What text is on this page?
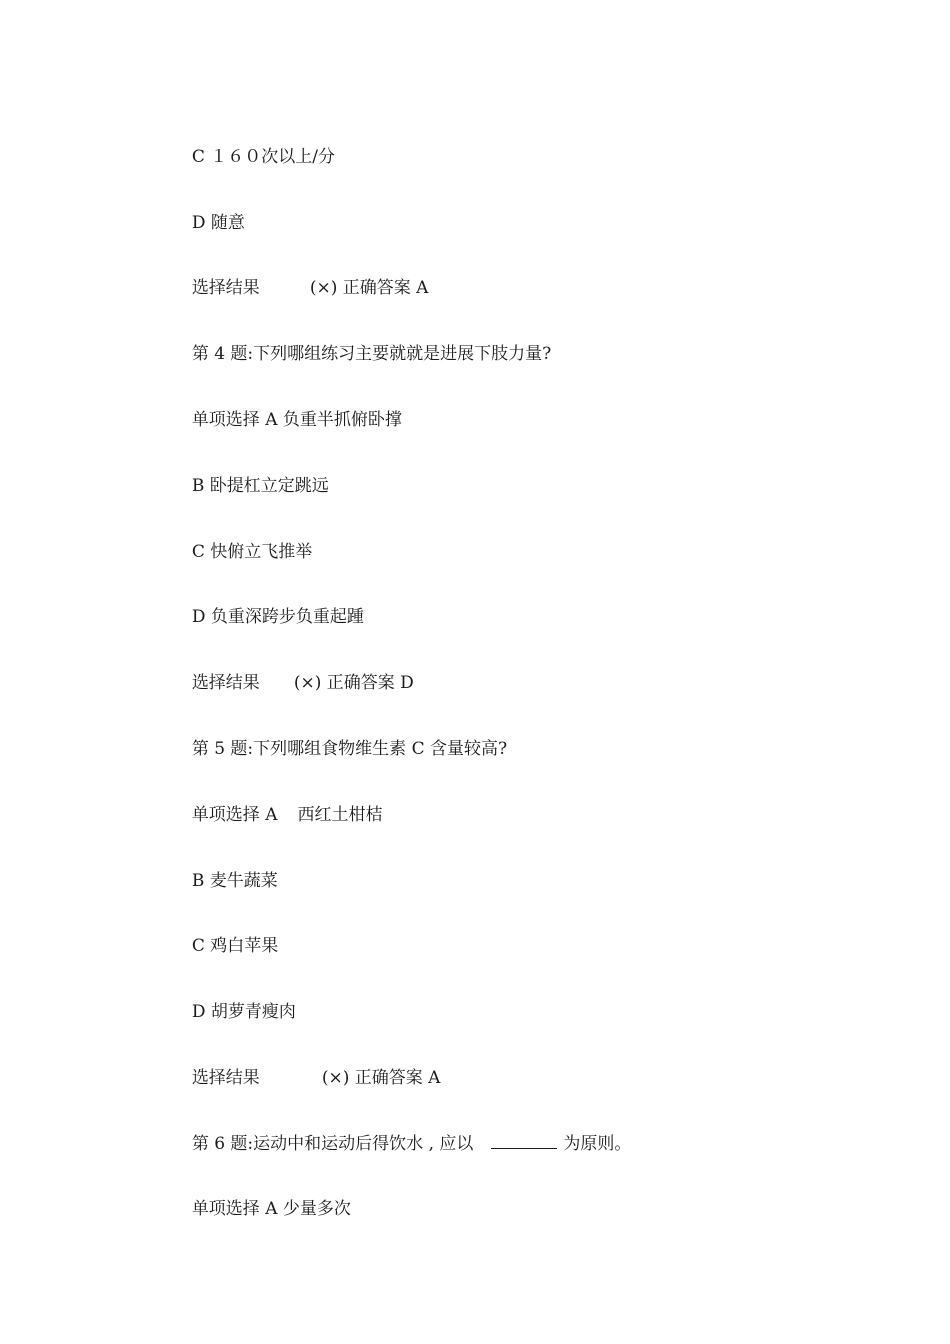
C １６０次以上/分

D 随意

选择结果	(×) 正确答案 A

第 4 题:下列哪组练习主要就就是进展下肢力量?

单项选择 A 负重半抓俯卧撑

B 卧提杠立定跳远

C 快俯立飞推举

D 负重深跨步负重起踵

选择结果 (×) 正确答案 D

第 5 题:下列哪组食物维生素 C 含量较高?

单项选择 A 西红土柑桔

B 麦牛蔬菜

C 鸡白苹果

D 胡萝青瘦肉

选择结果	(×) 正确答案 A

第 6 题:运动中和运动后得饮水 , 应以	为原则。

单项选择 A 少量多次
